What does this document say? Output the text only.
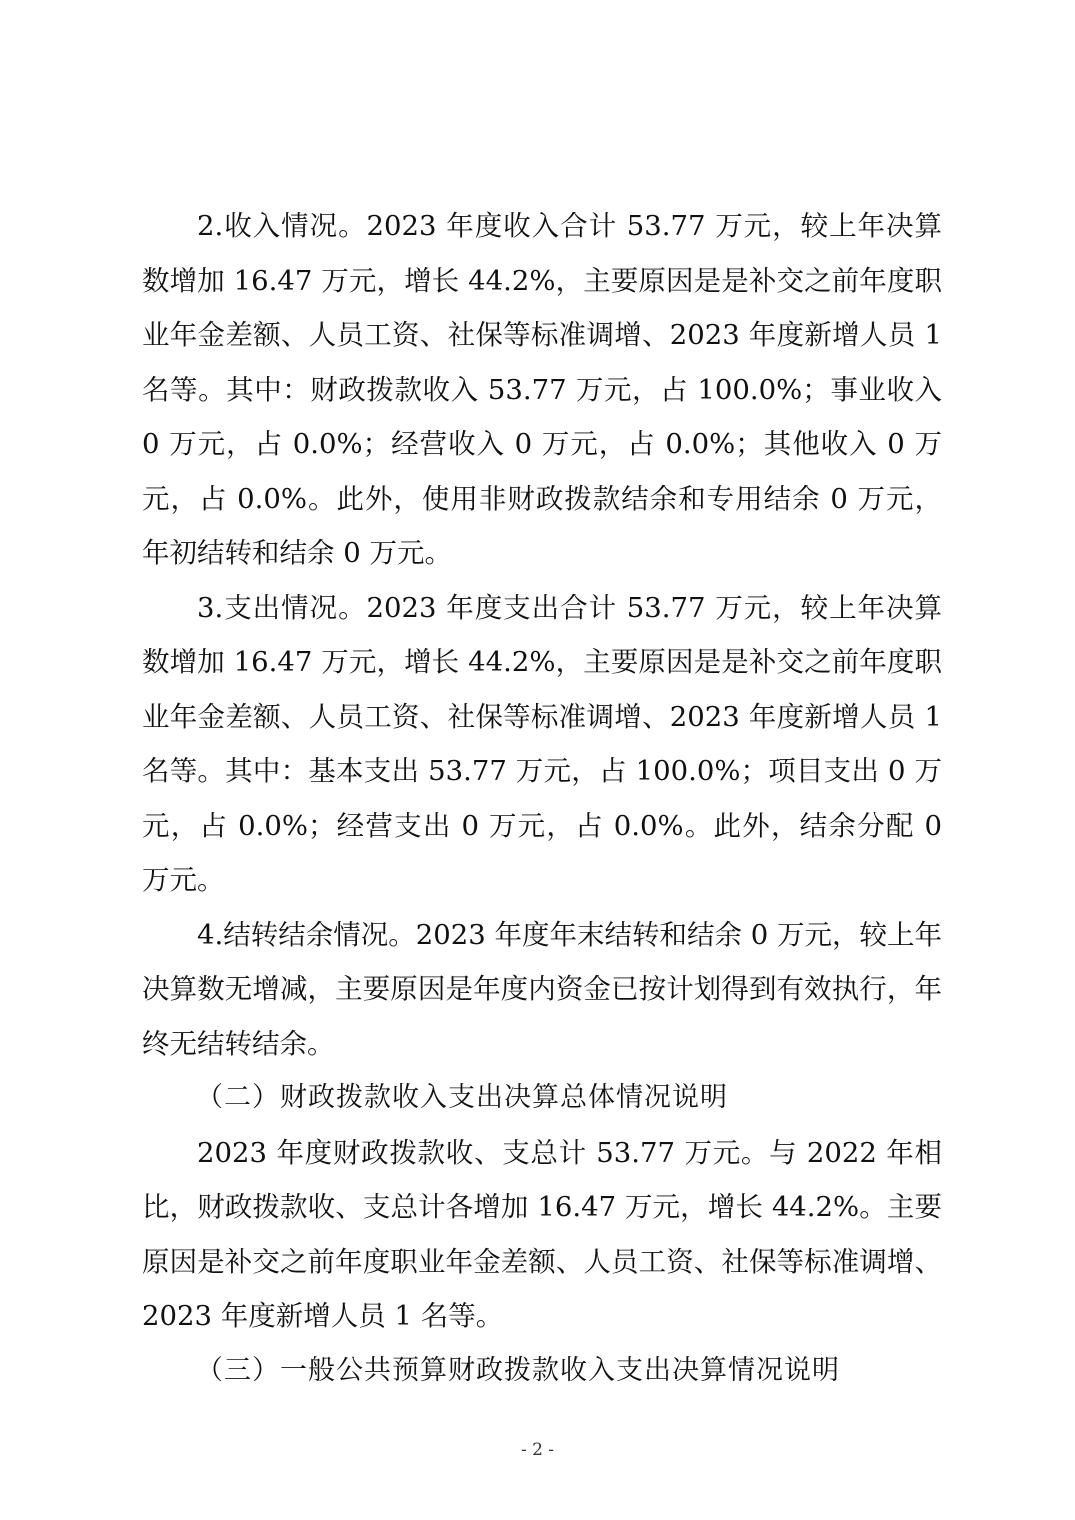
2.收入情况。2023 年度收入合计 53.77 万元，较上年决算数增加 16.47 万元，增长 44.2%，主要原因是是补交之前年度职业年金差额、人员工资、社保等标准调增、2023 年度新增人员 1 名等。其中：财政拨款收入 53.77 万元，占 100.0%；事业收入 0 万元，占 0.0%；经营收入 0 万元，占 0.0%；其他收入 0 万元，占 0.0%。此外，使用非财政拨款结余和专用结余 0 万元，年初结转和结余 0 万元。

3.支出情况。2023 年度支出合计 53.77 万元，较上年决算数增加 16.47 万元，增长 44.2%，主要原因是是补交之前年度职业年金差额、人员工资、社保等标准调增、2023 年度新增人员 1 名等。其中：基本支出 53.77 万元，占 100.0%；项目支出 0 万元，占 0.0%；经营支出 0 万元，占 0.0%。此外，结余分配 0 万元。

4.结转结余情况。2023 年度年末结转和结余 0 万元，较上年决算数无增减，主要原因是年度内资金已按计划得到有效执行，年终无结转结余。

（二）财政拨款收入支出决算总体情况说明

2023 年度财政拨款收、支总计 53.77 万元。与 2022 年相比，财政拨款收、支总计各增加 16.47 万元，增长 44.2%。主要原因是补交之前年度职业年金差额、人员工资、社保等标准调增、2023 年度新增人员 1 名等。

（三）一般公共预算财政拨款收入支出决算情况说明

- 2 -
